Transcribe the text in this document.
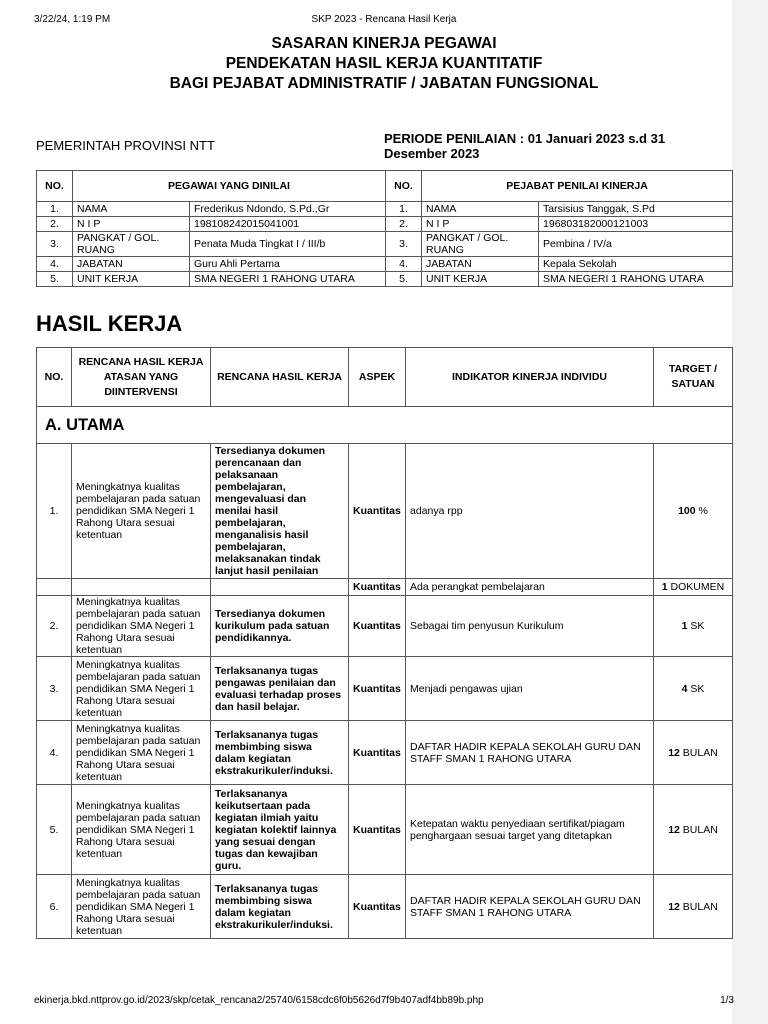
3/22/24, 1:19 PM	SKP 2023 - Rencana Hasil Kerja
SASARAN KINERJA PEGAWAI
PENDEKATAN HASIL KERJA KUANTITATIF
BAGI PEJABAT ADMINISTRATIF / JABATAN FUNGSIONAL
PEMERINTAH PROVINSI NTT	PERIODE PENILAIAN : 01 Januari 2023 s.d 31 Desember 2023
NO.	PEGAWAI YANG DINILAI		NO.	PEJABAT PENILAI KINERJA	
1.	NAMA	Frederikus Ndondo, S.Pd.,Gr	1.	NAMA	Tarsisius Tanggak, S.Pd
2.	N I P	198108242015041001	2.	N I P	196803182000121003
3.	PANGKAT / GOL. RUANG	Penata Muda Tingkat I / III/b	3.	PANGKAT / GOL. RUANG	Pembina / IV/a
4.	JABATAN	Guru Ahli Pertama	4.	JABATAN	Kepala Sekolah
5.	UNIT KERJA	SMA NEGERI 1 RAHONG UTARA	5.	UNIT KERJA	SMA NEGERI 1 RAHONG UTARA
HASIL KERJA
NO.	RENCANA HASIL KERJA ATASAN YANG DIINTERVENSI	RENCANA HASIL KERJA	ASPEK	INDIKATOR KINERJA INDIVIDU	TARGET / SATUAN
A. UTAMA					
1.	Meningkatnya kualitas pembelajaran pada satuan pendidikan SMA Negeri 1 Rahong Utara sesuai ketentuan	Tersedianya dokumen perencanaan dan pelaksanaan pembelajaran, mengevaluasi dan menilai hasil pembelajaran, menganalisis hasil pembelajaran, melaksanakan tindak lanjut hasil penilaian	Kuantitas	adanya rpp	100 %
			Kuantitas	Ada perangkat pembelajaran	1 DOKUMEN
2.	Meningkatnya kualitas pembelajaran pada satuan pendidikan SMA Negeri 1 Rahong Utara sesuai ketentuan	Tersedianya dokumen kurikulum pada satuan pendidikannya.	Kuantitas	Sebagai tim penyusun Kurikulum	1 SK
3.	Meningkatnya kualitas pembelajaran pada satuan pendidikan SMA Negeri 1 Rahong Utara sesuai ketentuan	Terlaksananya tugas pengawas penilaian dan evaluasi terhadap proses dan hasil belajar.	Kuantitas	Menjadi pengawas ujian	4 SK
4.	Meningkatnya kualitas pembelajaran pada satuan pendidikan SMA Negeri 1 Rahong Utara sesuai ketentuan	Terlaksananya tugas membimbing siswa dalam kegiatan ekstrakurikuler/induksi.	Kuantitas	DAFTAR HADIR KEPALA SEKOLAH GURU DAN STAFF SMAN 1 RAHONG UTARA	12 BULAN
5.	Meningkatnya kualitas pembelajaran pada satuan pendidikan SMA Negeri 1 Rahong Utara sesuai ketentuan	Terlaksananya keikutsertaan pada kegiatan ilmiah yaitu kegiatan kolektif lainnya yang sesuai dengan tugas dan kewajiban guru.	Kuantitas	Ketepatan waktu penyediaan sertifikat/piagam penghargaan sesuai target yang ditetapkan	12 BULAN
6.	Meningkatnya kualitas pembelajaran pada satuan pendidikan SMA Negeri 1 Rahong Utara sesuai ketentuan	Terlaksananya tugas membimbing siswa dalam kegiatan ekstrakurikuler/induksi.	Kuantitas	DAFTAR HADIR KEPALA SEKOLAH GURU DAN STAFF SMAN 1 RAHONG UTARA	12 BULAN
ekinerja.bkd.nttprov.go.id/2023/skp/cetak_rencana2/25740/6158cdc6f0b5626d7f9b407adf4bb89b.php	1/3
